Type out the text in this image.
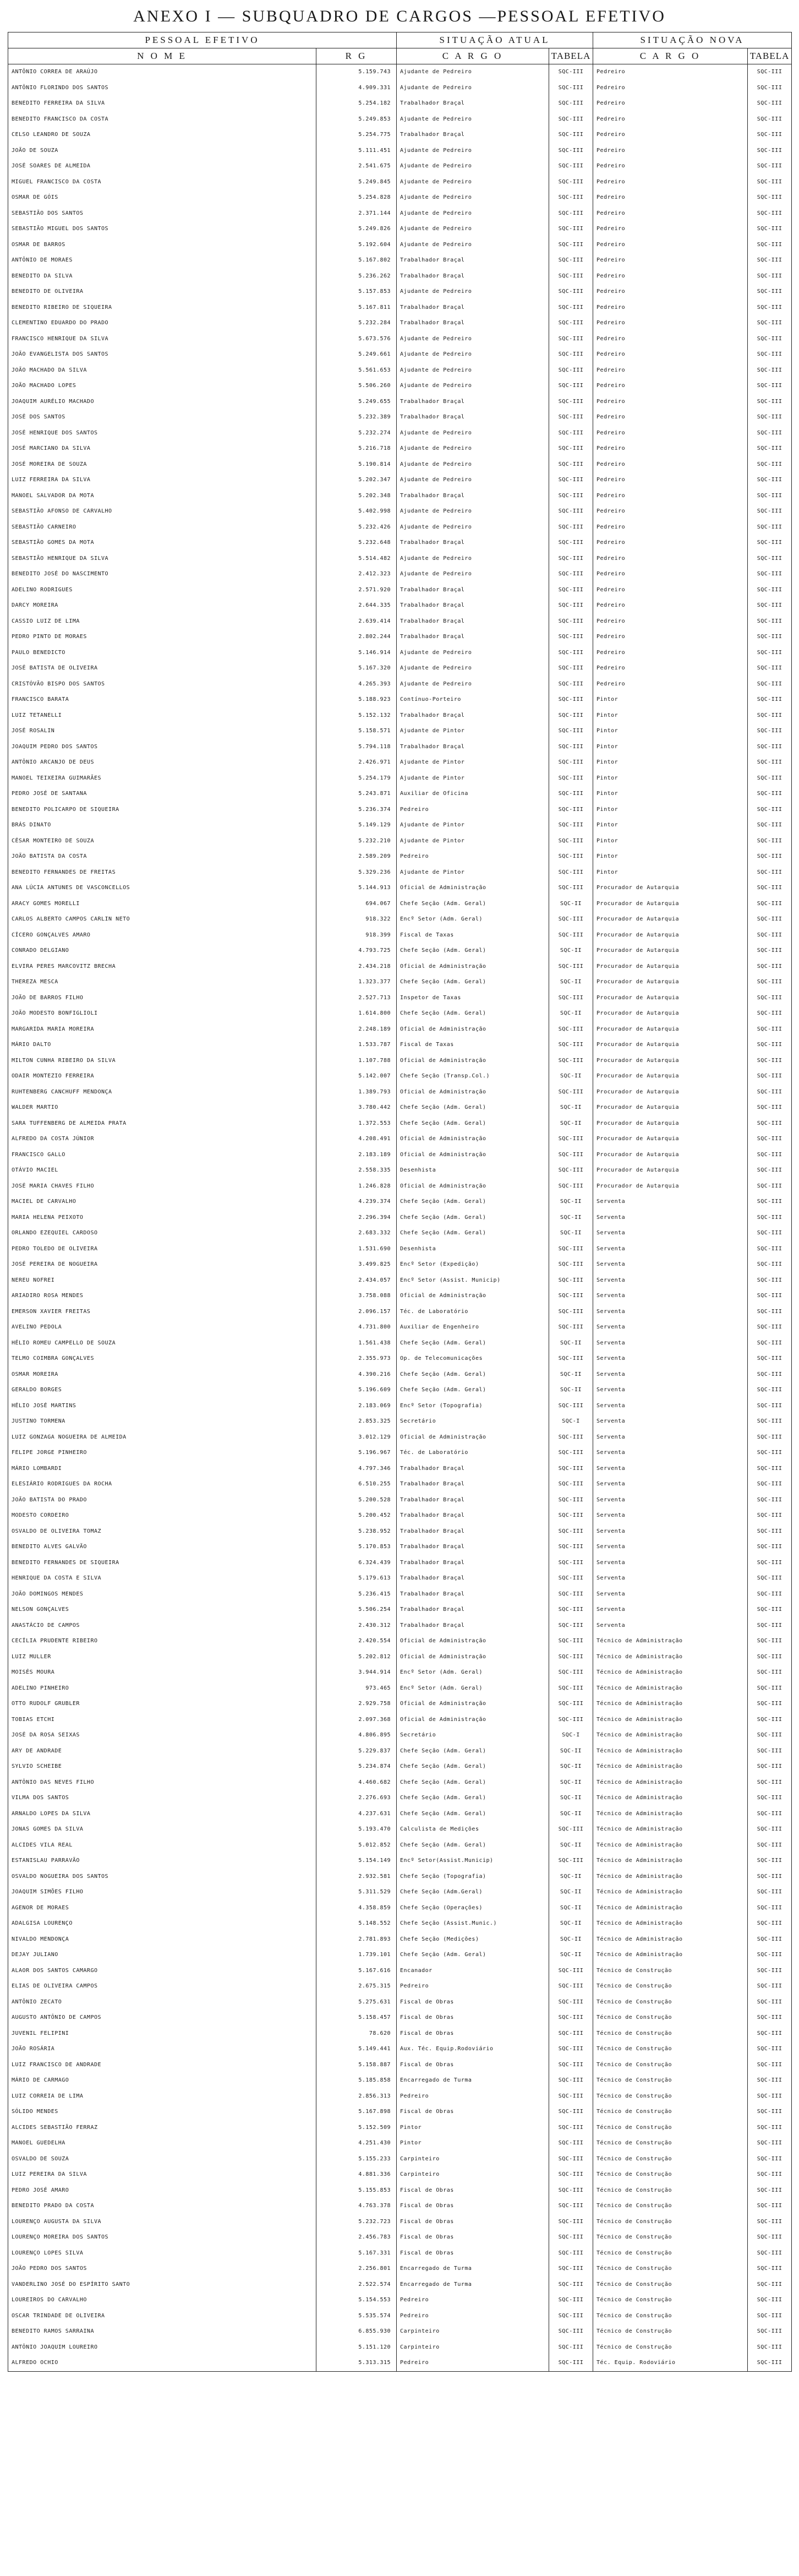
ANEXO I — SUBQUADRO DE CARGOS —PESSOAL EFETIVO
PESSOAL EFETIVO		SITUAÇÃO ATUAL		SITUAÇÃO NOVA	
N O M E	R G	C A R G O	TABELA	C A R G O	TABELA
ANTÔNIO CORREA DE ARAÚJO	5.159.743	Ajudante de Pedreiro	SQC-III	Pedreiro	SQC-III
ANTÔNIO FLORINDO DOS SANTOS	4.909.331	Ajudante de Pedreiro	SQC-III	Pedreiro	SQC-III
BENEDITO FERREIRA DA SILVA	5.254.182	Trabalhador Braçal	SQC-III	Pedreiro	SQC-III
BENEDITO FRANCISCO DA COSTA	5.249.853	Ajudante de Pedreiro	SQC-III	Pedreiro	SQC-III
CELSO LEANDRO DE SOUZA	5.254.775	Trabalhador Braçal	SQC-III	Pedreiro	SQC-III
JOÃO DE SOUZA	5.111.451	Ajudante de Pedreiro	SQC-III	Pedreiro	SQC-III
JOSÉ SOARES DE ALMEIDA	2.541.675	Ajudante de Pedreiro	SQC-III	Pedreiro	SQC-III
MIGUEL FRANCISCO DA COSTA	5.249.845	Ajudante de Pedreiro	SQC-III	Pedreiro	SQC-III
OSMAR DE GÓIS	5.254.828	Ajudante de Pedreiro	SQC-III	Pedreiro	SQC-III
SEBASTIÃO DOS SANTOS	2.371.144	Ajudante de Pedreiro	SQC-III	Pedreiro	SQC-III
SEBASTIÃO MIGUEL DOS SANTOS	5.249.826	Ajudante de Pedreiro	SQC-III	Pedreiro	SQC-III
OSMAR DE BARROS	5.192.604	Ajudante de Pedreiro	SQC-III	Pedreiro	SQC-III
ANTÔNIO DE MORAES	5.167.802	Trabalhador Braçal	SQC-III	Pedreiro	SQC-III
BENEDITO DA SILVA	5.236.262	Trabalhador Braçal	SQC-III	Pedreiro	SQC-III
BENEDITO DE OLIVEIRA	5.157.853	Ajudante de Pedreiro	SQC-III	Pedreiro	SQC-III
BENEDITO RIBEIRO DE SIQUEIRA	5.167.811	Trabalhador Braçal	SQC-III	Pedreiro	SQC-III
CLEMENTINO EDUARDO DO PRADO	5.232.284	Trabalhador Braçal	SQC-III	Pedreiro	SQC-III
FRANCISCO HENRIQUE DA SILVA	5.673.576	Ajudante de Pedreiro	SQC-III	Pedreiro	SQC-III
JOÃO EVANGELISTA DOS SANTOS	5.249.661	Ajudante de Pedreiro	SQC-III	Pedreiro	SQC-III
JOÃO MACHADO DA SILVA	5.561.653	Ajudante de Pedreiro	SQC-III	Pedreiro	SQC-III
JOÃO MACHADO LOPES	5.506.260	Ajudante de Pedreiro	SQC-III	Pedreiro	SQC-III
JOAQUIM AURÉLIO MACHADO	5.249.655	Trabalhador Braçal	SQC-III	Pedreiro	SQC-III
JOSÉ DOS SANTOS	5.232.389	Trabalhador Braçal	SQC-III	Pedreiro	SQC-III
JOSÉ HENRIQUE DOS SANTOS	5.232.274	Ajudante de Pedreiro	SQC-III	Pedreiro	SQC-III
JOSÉ MARCIANO DA SILVA	5.216.718	Ajudante de Pedreiro	SQC-III	Pedreiro	SQC-III
JOSÉ MOREIRA DE SOUZA	5.190.814	Ajudante de Pedreiro	SQC-III	Pedreiro	SQC-III
LUIZ FERREIRA DA SILVA	5.202.347	Ajudante de Pedreiro	SQC-III	Pedreiro	SQC-III
MANOEL SALVADOR DA MOTA	5.202.348	Trabalhador Braçal	SQC-III	Pedreiro	SQC-III
SEBASTIÃO AFONSO DE CARVALHO	5.402.998	Ajudante de Pedreiro	SQC-III	Pedreiro	SQC-III
SEBASTIÃO CARNEIRO	5.232.426	Ajudante de Pedreiro	SQC-III	Pedreiro	SQC-III
SEBASTIÃO GOMES DA MOTA	5.232.648	Trabalhador Braçal	SQC-III	Pedreiro	SQC-III
SEBASTIÃO HENRIQUE DA SILVA	5.514.482	Ajudante de Pedreiro	SQC-III	Pedreiro	SQC-III
BENEDITO JOSÉ DO NASCIMENTO	2.412.323	Ajudante de Pedreiro	SQC-III	Pedreiro	SQC-III
ADELINO RODRIGUES	2.571.920	Trabalhador Braçal	SQC-III	Pedreiro	SQC-III
DARCY MOREIRA	2.644.335	Trabalhador Braçal	SQC-III	Pedreiro	SQC-III
CASSIO LUIZ DE LIMA	2.639.414	Trabalhador Braçal	SQC-III	Pedreiro	SQC-III
PEDRO PINTO DE MORAES	2.802.244	Trabalhador Braçal	SQC-III	Pedreiro	SQC-III
PAULO BENEDICTO	5.146.914	Ajudante de Pedreiro	SQC-III	Pedreiro	SQC-III
JOSÉ BATISTA DE OLIVEIRA	5.167.320	Ajudante de Pedreiro	SQC-III	Pedreiro	SQC-III
CRISTÓVÃO BISPO DOS SANTOS	4.265.393	Ajudante de Pedreiro	SQC-III	Pedreiro	SQC-III
FRANCISCO BARATA	5.188.923	Contínuo-Porteiro	SQC-III	Pintor	SQC-III
LUIZ TETANELLI	5.152.132	Trabalhador Braçal	SQC-III	Pintor	SQC-III
JOSÉ ROSALIN	5.158.571	Ajudante de Pintor	SQC-III	Pintor	SQC-III
JOAQUIM PEDRO DOS SANTOS	5.794.118	Trabalhador Braçal	SQC-III	Pintor	SQC-III
ANTÔNIO ARCANJO DE DEUS	2.426.971	Ajudante de Pintor	SQC-III	Pintor	SQC-III
MANOEL TEIXEIRA GUIMARÃES	5.254.179	Ajudante de Pintor	SQC-III	Pintor	SQC-III
PEDRO JOSÉ DE SANTANA	5.243.871	Auxiliar de Oficina	SQC-III	Pintor	SQC-III
BENEDITO POLICARPO DE SIQUEIRA	5.236.374	Pedreiro	SQC-III	Pintor	SQC-III
BRÁS DINATO	5.149.129	Ajudante de Pintor	SQC-III	Pintor	SQC-III
CÉSAR MONTEIRO DE SOUZA	5.232.210	Ajudante de Pintor	SQC-III	Pintor	SQC-III
JOÃO BATISTA DA COSTA	2.589.209	Pedreiro	SQC-III	Pintor	SQC-III
BENEDITO FERNANDES DE FREITAS	5.329.236	Ajudante de Pintor	SQC-III	Pintor	SQC-III
ANA LÚCIA ANTUNES DE VASCONCELLOS	5.144.913	Oficial de Administração	SQC-III	Procurador de Autarquia	SQC-III
ARACY GOMES MORELLI	694.067	Chefe Seção (Adm. Geral)	SQC-II	Procurador de Autarquia	SQC-III
CARLOS ALBERTO CAMPOS CARLIN NETO	918.322	Encº Setor (Adm. Geral)	SQC-III	Procurador de Autarquia	SQC-III
CÍCERO GONÇALVES AMARO	918.399	Fiscal de Taxas	SQC-III	Procurador de Autarquia	SQC-III
CONRADO DELGIANO	4.793.725	Chefe Seção (Adm. Geral)	SQC-II	Procurador de Autarquia	SQC-III
ELVIRA PERES MARCOVITZ BRECHA	2.434.218	Oficial de Administração	SQC-III	Procurador de Autarquia	SQC-III
THEREZA MESCA	1.323.377	Chefe Seção (Adm. Geral)	SQC-II	Procurador de Autarquia	SQC-III
JOÃO DE BARROS FILHO	2.527.713	Inspetor de Taxas	SQC-III	Procurador de Autarquia	SQC-III
JOÃO MODESTO BONFIGLIOLI	1.614.800	Chefe Seção (Adm. Geral)	SQC-II	Procurador de Autarquia	SQC-III
MARGARIDA MARIA MOREIRA	2.248.189	Oficial de Administração	SQC-III	Procurador de Autarquia	SQC-III
MÁRIO DALTO	1.533.787	Fiscal de Taxas	SQC-III	Procurador de Autarquia	SQC-III
MILTON CUNHA RIBEIRO DA SILVA	1.107.788	Oficial de Administração	SQC-III	Procurador de Autarquia	SQC-III
ODAIR MONTEZIO FERREIRA	5.142.007	Chefe Seção (Transp.Col.)	SQC-II	Procurador de Autarquia	SQC-III
RUHTENBERG CANCHUFF MENDONÇA	1.389.793	Oficial de Administração	SQC-III	Procurador de Autarquia	SQC-III
WALDER MARTIO	3.780.442	Chefe Seção (Adm. Geral)	SQC-II	Procurador de Autarquia	SQC-III
SARA TUFFENBERG DE ALMEIDA PRATA	1.372.553	Chefe Seção (Adm. Geral)	SQC-II	Procurador de Autarquia	SQC-III
ALFREDO DA COSTA JÚNIOR	4.208.491	Oficial de Administração	SQC-III	Procurador de Autarquia	SQC-III
FRANCISCO GALLO	2.183.189	Oficial de Administração	SQC-III	Procurador de Autarquia	SQC-III
OTÁVIO MACIEL	2.558.335	Desenhista	SQC-III	Procurador de Autarquia	SQC-III
JOSÉ MARIA CHAVES FILHO	1.246.828	Oficial de Administração	SQC-III	Procurador de Autarquia	SQC-III
MACIEL DE CARVALHO	4.239.374	Chefe Seção (Adm. Geral)	SQC-II	Serventa	SQC-III
MARIA HELENA PEIXOTO	2.296.394	Chefe Seção (Adm. Geral)	SQC-II	Serventa	SQC-III
ORLANDO EZEQUIEL CARDOSO	2.683.332	Chefe Seção (Adm. Geral)	SQC-II	Serventa	SQC-III
PEDRO TOLEDO DE OLIVEIRA	1.531.690	Desenhista	SQC-III	Serventa	SQC-III
JOSÉ PEREIRA DE NOGUEIRA	3.499.825	Encº Setor (Expedição)	SQC-III	Serventa	SQC-III
NEREU NOFREI	2.434.057	Encº Setor (Assist. Municip)	SQC-III	Serventa	SQC-III
ARIADIRO ROSA MENDES	3.758.088	Oficial de Administração	SQC-III	Serventa	SQC-III
EMERSON XAVIER FREITAS	2.096.157	Téc. de Laboratório	SQC-III	Serventa	SQC-III
AVELINO PEDOLA	4.731.800	Auxiliar de Engenheiro	SQC-III	Serventa	SQC-III
HÉLIO ROMEU CAMPELLO DE SOUZA	1.561.438	Chefe Seção (Adm. Geral)	SQC-II	Serventa	SQC-III
TELMO COIMBRA GONÇALVES	2.355.973	Op. de Telecomunicações	SQC-III	Serventa	SQC-III
OSMAR MOREIRA	4.390.216	Chefe Seção (Adm. Geral)	SQC-II	Serventa	SQC-III
GERALDO BORGES	5.196.609	Chefe Seção (Adm. Geral)	SQC-II	Serventa	SQC-III
HÉLIO JOSÉ MARTINS	2.183.069	Encº Setor (Topografia)	SQC-III	Serventa	SQC-III
JUSTINO TORMENA	2.853.325	Secretário	SQC-I	Serventa	SQC-III
LUIZ GONZAGA NOGUEIRA DE ALMEIDA	3.012.129	Oficial de Administração	SQC-III	Serventa	SQC-III
FELIPE JORGE PINHEIRO	5.196.967	Téc. de Laboratório	SQC-III	Serventa	SQC-III
MÁRIO LOMBARDI	4.797.346	Trabalhador Braçal	SQC-III	Serventa	SQC-III
ELESIÁRIO RODRIGUES DA ROCHA	6.510.255	Trabalhador Braçal	SQC-III	Serventa	SQC-III
JOÃO BATISTA DO PRADO	5.200.528	Trabalhador Braçal	SQC-III	Serventa	SQC-III
MODESTO CORDEIRO	5.200.452	Trabalhador Braçal	SQC-III	Serventa	SQC-III
OSVALDO DE OLIVEIRA TOMAZ	5.238.952	Trabalhador Braçal	SQC-III	Serventa	SQC-III
BENEDITO ALVES GALVÃO	5.170.853	Trabalhador Braçal	SQC-III	Serventa	SQC-III
BENEDITO FERNANDES DE SIQUEIRA	6.324.439	Trabalhador Braçal	SQC-III	Serventa	SQC-III
HENRIQUE DA COSTA E SILVA	5.179.613	Trabalhador Braçal	SQC-III	Serventa	SQC-III
JOÃO DOMINGOS MENDES	5.236.415	Trabalhador Braçal	SQC-III	Serventa	SQC-III
NELSON GONÇALVES	5.506.254	Trabalhador Braçal	SQC-III	Serventa	SQC-III
ANASTÁCIO DE CAMPOS	2.430.312	Trabalhador Braçal	SQC-III	Serventa	SQC-III
CECÍLIA PRUDENTE RIBEIRO	2.420.554	Oficial de Administração	SQC-III	Técnico de Administração	SQC-III
LUIZ MULLER	5.202.812	Oficial de Administração	SQC-III	Técnico de Administração	SQC-III
MOISÉS MOURA	3.944.914	Encº Setor (Adm. Geral)	SQC-III	Técnico de Administração	SQC-III
ADELINO PINHEIRO	973.465	Encº Setor (Adm. Geral)	SQC-III	Técnico de Administração	SQC-III
OTTO RUDOLF GRUBLER	2.929.758	Oficial de Administração	SQC-III	Técnico de Administração	SQC-III
TOBIAS ETCHI	2.097.368	Oficial de Administração	SQC-III	Técnico de Administração	SQC-III
JOSÉ DA ROSA SEIXAS	4.806.895	Secretário	SQC-I	Técnico de Administração	SQC-III
ARY DE ANDRADE	5.229.837	Chefe Seção (Adm. Geral)	SQC-II	Técnico de Administração	SQC-III
SYLVIO SCHEIBE	5.234.874	Chefe Seção (Adm. Geral)	SQC-II	Técnico de Administração	SQC-III
ANTÔNIO DAS NEVES FILHO	4.460.682	Chefe Seção (Adm. Geral)	SQC-II	Técnico de Administração	SQC-III
VILMA DOS SANTOS	2.276.693	Chefe Seção (Adm. Geral)	SQC-II	Técnico de Administração	SQC-III
ARNALDO LOPES DA SILVA	4.237.631	Chefe Seção (Adm. Geral)	SQC-II	Técnico de Administração	SQC-III
JONAS GOMES DA SILVA	5.193.470	Calculista de Medições	SQC-III	Técnico de Administração	SQC-III
ALCIDES VILA REAL	5.012.852	Chefe Seção (Adm. Geral)	SQC-II	Técnico de Administração	SQC-III
ESTANISLAU PARRAVÃO	5.154.149	Encº Setor(Assist.Municip)	SQC-III	Técnico de Administração	SQC-III
OSVALDO NOGUEIRA DOS SANTOS	2.932.581	Chefe Seção (Topografia)	SQC-II	Técnico de Administração	SQC-III
JOAQUIM SIMÕES FILHO	5.311.529	Chefe Seção (Adm.Geral)	SQC-II	Técnico de Administração	SQC-III
AGENOR DE MORAES	4.358.859	Chefe Seção (Operações)	SQC-II	Técnico de Administração	SQC-III
ADALGISA LOURENÇO	5.148.552	Chefe Seção (Assist.Munic.)	SQC-II	Técnico de Administração	SQC-III
NIVALDO MENDONÇA	2.781.893	Chefe Seção (Medições)	SQC-II	Técnico de Administração	SQC-III
DEJAY JULIANO	1.739.101	Chefe Seção (Adm. Geral)	SQC-II	Técnico de Administração	SQC-III
ALAOR DOS SANTOS CAMARGO	5.167.616	Encanador	SQC-III	Técnico de Construção	SQC-III
ELIAS DE OLIVEIRA CAMPOS	2.675.315	Pedreiro	SQC-III	Técnico de Construção	SQC-III
ANTÔNIO ZECATO	5.275.631	Fiscal de Obras	SQC-III	Técnico de Construção	SQC-III
AUGUSTO ANTÔNIO DE CAMPOS	5.158.457	Fiscal de Obras	SQC-III	Técnico de Construção	SQC-III
JUVENIL FELIPINI	78.620	Fiscal de Obras	SQC-III	Técnico de Construção	SQC-III
JOÃO ROSÁRIA	5.149.441	Aux. Téc. Equip.Rodoviário	SQC-III	Técnico de Construção	SQC-III
LUIZ FRANCISCO DE ANDRADE	5.158.887	Fiscal de Obras	SQC-III	Técnico de Construção	SQC-III
MÁRIO DE CARMAGO	5.185.858	Encarregado de Turma	SQC-III	Técnico de Construção	SQC-III
LUIZ CORREIA DE LIMA	2.856.313	Pedreiro	SQC-III	Técnico de Construção	SQC-III
SÓLIDO MENDES	5.167.898	Fiscal de Obras	SQC-III	Técnico de Construção	SQC-III
ALCIDES SEBASTIÃO FERRAZ	5.152.509	Pintor	SQC-III	Técnico de Construção	SQC-III
MANOEL GUEDELHA	4.251.430	Pintor	SQC-III	Técnico de Construção	SQC-III
OSVALDO DE SOUZA	5.155.233	Carpinteiro	SQC-III	Técnico de Construção	SQC-III
LUIZ PEREIRA DA SILVA	4.881.336	Carpinteiro	SQC-III	Técnico de Construção	SQC-III
PEDRO JOSÉ AMARO	5.155.853	Fiscal de Obras	SQC-III	Técnico de Construção	SQC-III
BENEDITO PRADO DA COSTA	4.763.378	Fiscal de Obras	SQC-III	Técnico de Construção	SQC-III
LOURENÇO AUGUSTA DA SILVA	5.232.723	Fiscal de Obras	SQC-III	Técnico de Construção	SQC-III
LOURENÇO MOREIRA DOS SANTOS	2.456.783	Fiscal de Obras	SQC-III	Técnico de Construção	SQC-III
LOURENÇO LOPES SILVA	5.167.331	Fiscal de Obras	SQC-III	Técnico de Construção	SQC-III
JOÃO PEDRO DOS SANTOS	2.256.801	Encarregado de Turma	SQC-III	Técnico de Construção	SQC-III
VANDERLINO JOSÉ DO ESPÍRITO SANTO	2.522.574	Encarregado de Turma	SQC-III	Técnico de Construção	SQC-III
LOUREIROS DO CARVALHO	5.154.553	Pedreiro	SQC-III	Técnico de Construção	SQC-III
OSCAR TRINDADE DE OLIVEIRA	5.535.574	Pedreiro	SQC-III	Técnico de Construção	SQC-III
BENEDITO RAMOS SARRAINA	6.855.930	Carpinteiro	SQC-III	Técnico de Construção	SQC-III
ANTÔNIO JOAQUIM LOUREIRO	5.151.120	Carpinteiro	SQC-III	Técnico de Construção	SQC-III
ALFREDO OCHIO	5.313.315	Pedreiro	SQC-III	Téc. Equip. Rodoviário	SQC-III
